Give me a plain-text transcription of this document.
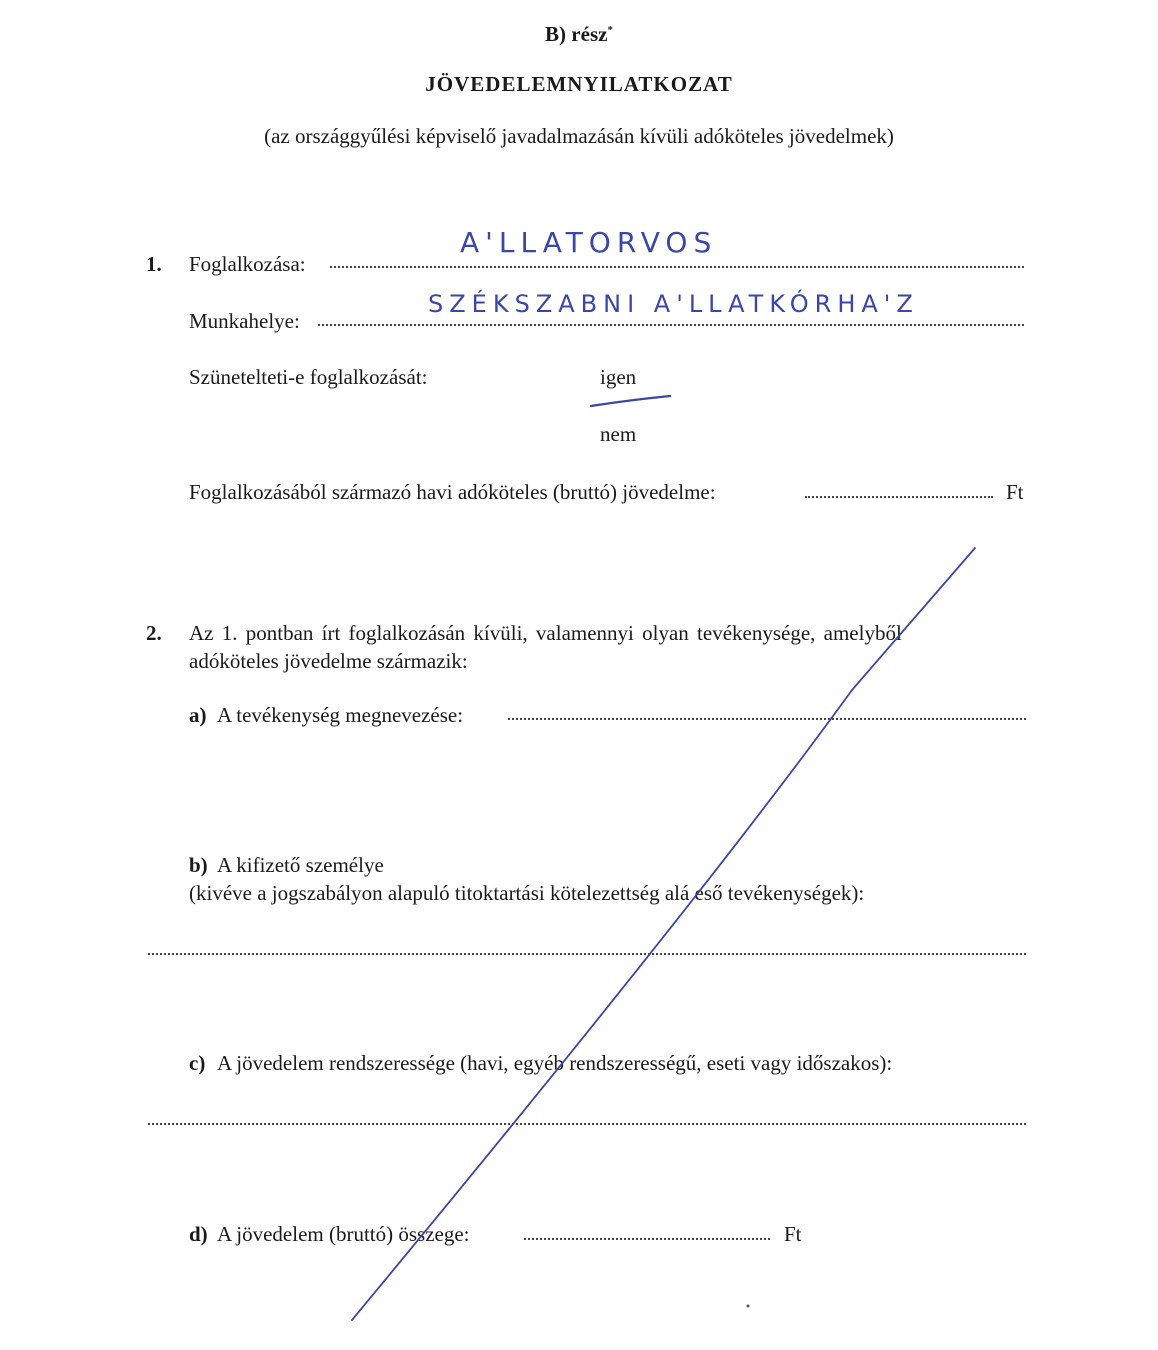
B) rész*
JÖVEDELEMNYILATKOZAT
(az országgyűlési képviselő javadalmazásán kívüli adóköteles jövedelmek)
1. Foglalkozása:
A'LLATORVOS
Munkahelye:
SZÉKSZABNI A'LLATKÓRHA'Z
Szünetelteti-e foglalkozását:	igen
nem
Foglalkozásából származó havi adóköteles (bruttó) jövedelme:	Ft
2. Az 1. pontban írt foglalkozásán kívüli, valamennyi olyan tevékenysége, amelyből
adóköteles jövedelme származik:
a) A tevékenység megnevezése:
b) A kifizető személye
(kivéve a jogszabályon alapuló titoktartási kötelezettség alá eső tevékenységek):
c) A jövedelem rendszeressége (havi, egyéb rendszerességű, eseti vagy időszakos):
d) A jövedelem (bruttó) összege:	Ft
